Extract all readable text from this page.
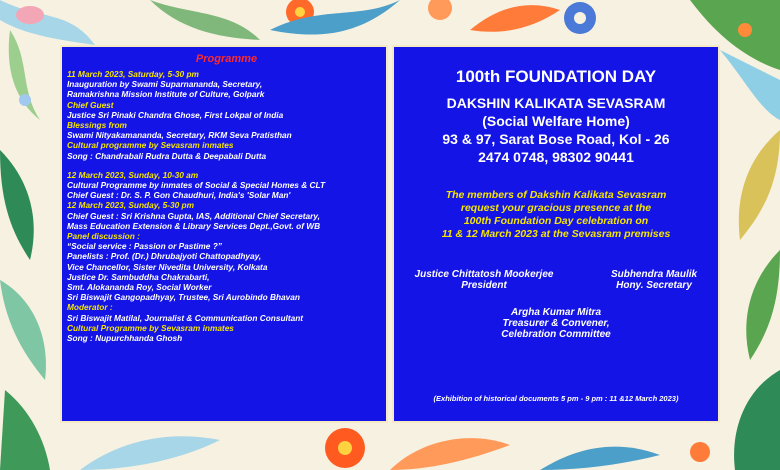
Programme
11 March 2023, Saturday, 5-30 pm
Inauguration by Swami Suparnananda, Secretary,
Ramakrishna Mission Institute of Culture, Golpark
Chief Guest
Justice Sri Pinaki Chandra Ghose, First Lokpal of India
Blessings from
Swami Nityakamananda, Secretary, RKM Seva Pratisthan
Cultural programme by Sevasram inmates
Song : Chandrabali Rudra Dutta & Deepabali Dutta
12 March 2023, Sunday, 10-30 am
Cultural Programme by inmates of Social & Special Homes & CLT
Chief Guest : Dr. S. P. Gon Chaudhuri, India's 'Solar Man'
12 March 2023, Sunday, 5-30 pm
Chief Guest : Sri Krishna Gupta, IAS, Additional Chief Secretary,
Mass Education Extension & Library Services Dept.,Govt. of WB
Panel discussion :
“Social service : Passion or Pastime ?”
Panelists : Prof. (Dr.) Dhrubajyoti Chattopadhyay,
Vice Chancellor, Sister Nivedita University, Kolkata
Justice Dr. Sambuddha Chakrabarti,
Smt. Alokananda Roy, Social Worker
Sri Biswajit Gangopadhyay, Trustee, Sri Aurobindo Bhavan
Moderator :
Sri Biswajit Matilal, Journalist & Communication Consultant
Cultural Programme by Sevasram inmates
Song : Nupurchhanda Ghosh
100th FOUNDATION DAY
DAKSHIN KALIKATA SEVASRAM
(Social Welfare Home)
93 & 97, Sarat Bose Road, Kol - 26
2474 0748, 98302 90441
The members of Dakshin Kalikata Sevasram
request your gracious presence at the
100th Foundation Day celebration on
11 & 12 March 2023 at the Sevasram premises
Justice Chittatosh Mookerjee
President
Subhendra Maulik
Hony. Secretary
Argha Kumar Mitra
Treasurer & Convener,
Celebration Committee
(Exhibition of historical documents 5 pm - 9 pm : 11 &12 March 2023)
